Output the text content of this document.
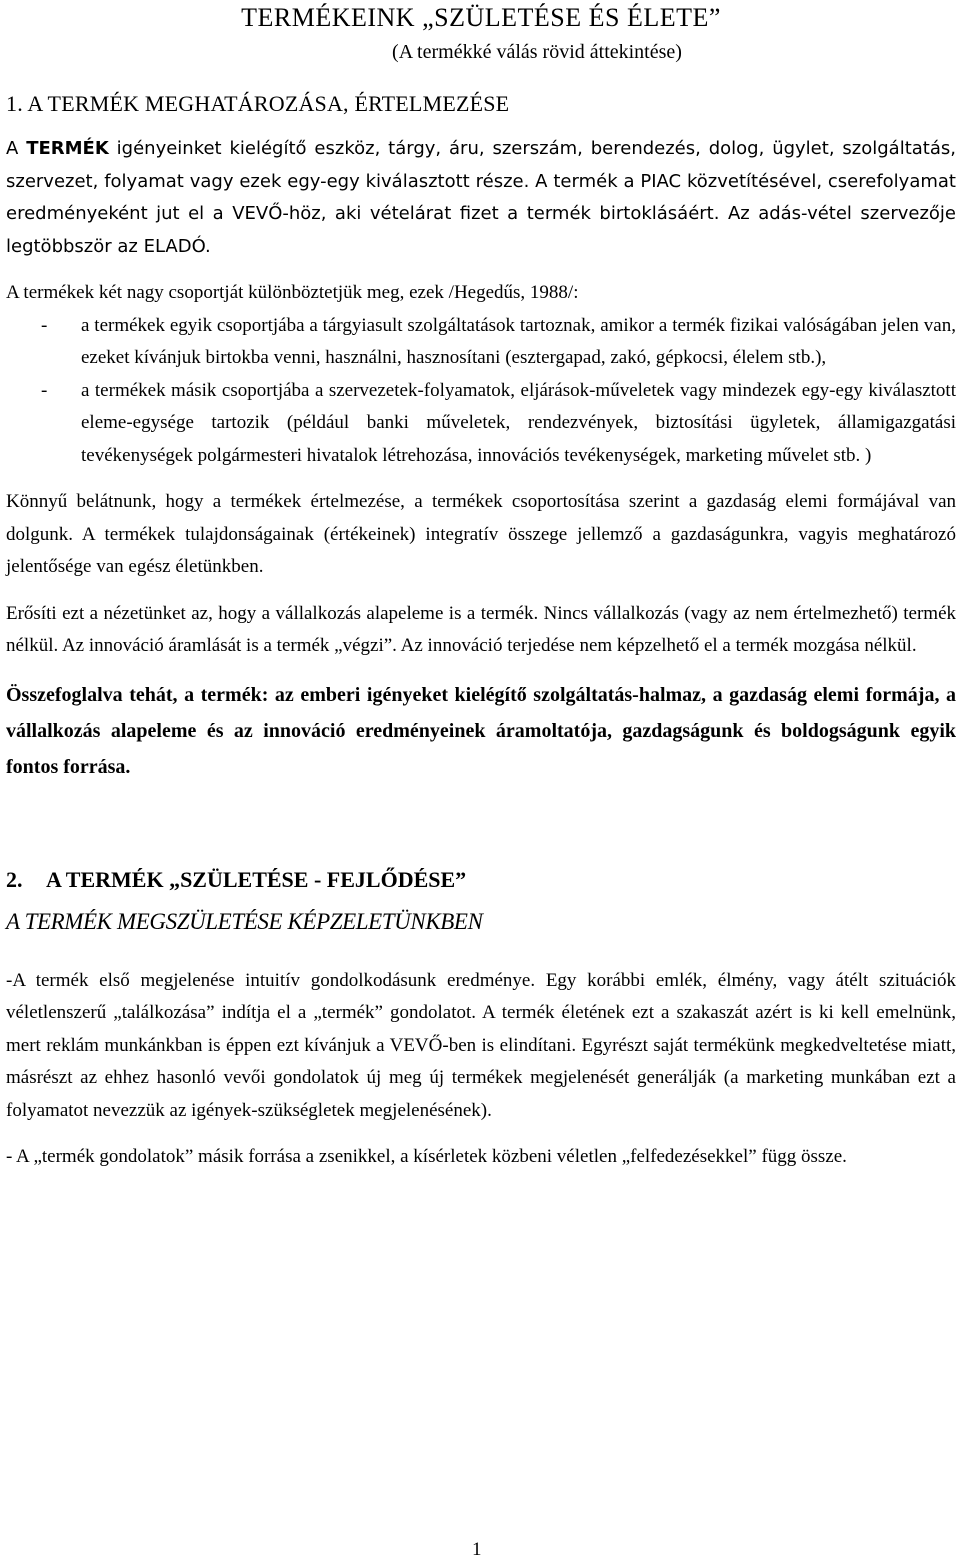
TERMÉKEINK „SZÜLETÉSE ÉS ÉLETE”
(A termékké válás rövid áttekintése)
1. A TERMÉK MEGHATÁROZÁSA, ÉRTELMEZÉSE

A TERMÉK igényeinket kielégítő eszköz, tárgy, áru, szerszám, berendezés, dolog, ügylet, szolgáltatás, szervezet, folyamat vagy ezek egy-egy kiválasztott része. A termék a PIAC közvetítésével, cserefolyamat eredményeként jut el a VEVŐ-höz, aki vételárat fizet a termék birtoklásáért. Az adás-vétel szervezője legtöbbször az ELADÓ.

A termékek két nagy csoportját különböztetjük meg, ezek /Hegedűs, 1988/:

- a termékek egyik csoportjába a tárgyiasult szolgáltatások tartoznak, amikor a termék fizikai valóságában jelen van, ezeket kívánjuk birtokba venni, használni, hasznosítani (esztergapad, zakó, gépkocsi, élelem stb.),
- a termékek másik csoportjába a szervezetek-folyamatok, eljárások-műveletek vagy mindezek egy-egy kiválasztott eleme-egysége tartozik (például banki műveletek, rendezvények, biztosítási ügyletek, államigazgatási tevékenységek polgármesteri hivatalok létrehozása, innovációs tevékenységek, marketing művelet stb. )

Könnyű belátnunk, hogy a termékek értelmezése, a termékek csoportosítása szerint a gazdaság elemi formájával van dolgunk. A termékek tulajdonságainak (értékeinek) integratív összege jellemző a gazdaságunkra, vagyis meghatározó jelentősége van egész életünkben.

Erősíti ezt a nézetünket az, hogy a vállalkozás alapeleme is a termék. Nincs vállalkozás (vagy az nem értelmezhető) termék nélkül. Az innováció áramlását is a termék „végzi”. Az innováció terjedése nem képzelhető el a termék mozgása nélkül.

Összefoglalva tehát, a termék: az emberi igényeket kielégítő szolgáltatás-halmaz, a gazdaság elemi formája, a vállalkozás alapeleme és az innováció eredményeinek áramoltatója, gazdagságunk és boldogságunk egyik fontos forrása.

2. A TERMÉK „SZÜLETÉSE - FEJLŐDÉSE”
A TERMÉK MEGSZÜLETÉSE KÉPZELETÜNKBEN

-A termék első megjelenése intuitív gondolkodásunk eredménye. Egy korábbi emlék, élmény, vagy átélt szituációk véletlenszerű „találkozása” indítja el a „termék” gondolatot. A termék életének ezt a szakaszát azért is ki kell emelnünk, mert reklám munkánkban is éppen ezt kívánjuk a VEVŐ-ben is elindítani. Egyrészt saját termékünk megkedveltetése miatt, másrészt az ehhez hasonló vevői gondolatok új meg új termékek megjelenését generálják (a marketing munkában ezt a folyamatot nevezzük az igények-szükségletek megjelenésének).

- A „termék gondolatok” másik forrása a zsenikkel, a kísérletek közbeni véletlen „felfedezésekkel” függ össze.

1
